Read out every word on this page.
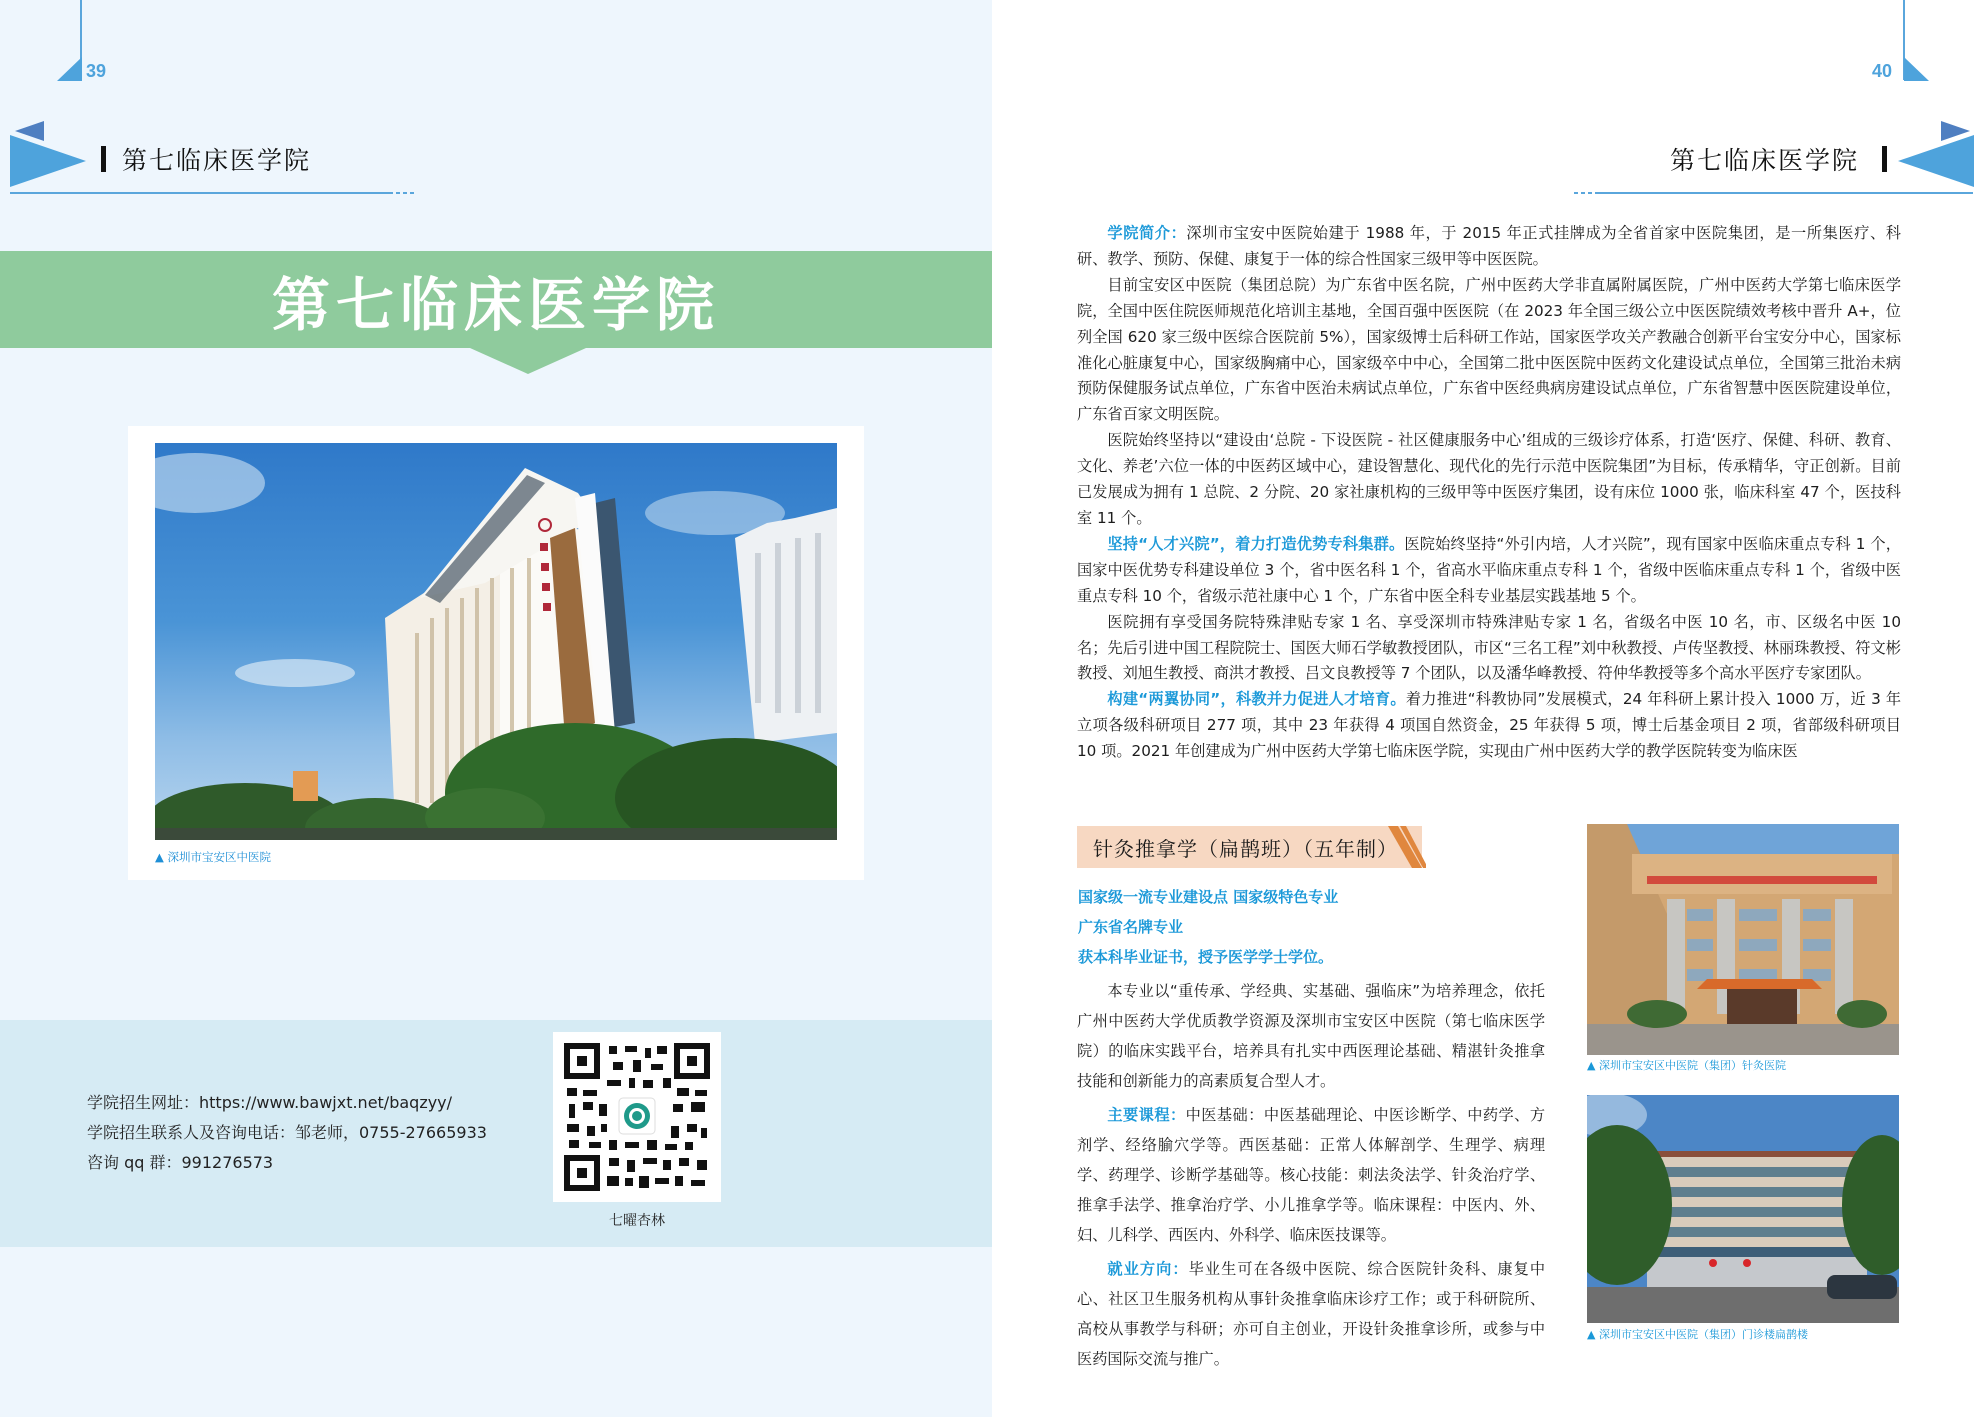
39
第七临床医学院
第七临床医学院
▲ 深圳市宝安区中医院
学院招生网址：https://www.bawjxt.net/baqzyy/
学院招生联系人及咨询电话：邹老师，0755-27665933
咨询 qq 群：991276573
七曜杏林
40
第七临床医学院

学院简介：深圳市宝安中医院始建于 1988 年，于 2015 年正式挂牌成为全省首家中医院集团，是一所集医疗、科研、教学、预防、保健、康复于一体的综合性国家三级甲等中医医院。

目前宝安区中医院（集团总院）为广东省中医名院，广州中医药大学非直属附属医院，广州中医药大学第七临床医学院，全国中医住院医师规范化培训主基地，全国百强中医医院（在 2023 年全国三级公立中医医院绩效考核中晋升 A+，位列全国 620 家三级中医综合医院前 5%），国家级博士后科研工作站，国家医学攻关产教融合创新平台宝安分中心，国家标准化心脏康复中心，国家级胸痛中心，国家级卒中中心，全国第二批中医医院中医药文化建设试点单位，全国第三批治未病预防保健服务试点单位，广东省中医治未病试点单位，广东省中医经典病房建设试点单位，广东省智慧中医医院建设单位，广东省百家文明医院。

医院始终坚持以“建设由‘总院 - 下设医院 - 社区健康服务中心’组成的三级诊疗体系，打造‘医疗、保健、科研、教育、文化、养老’六位一体的中医药区域中心，建设智慧化、现代化的先行示范中医院集团”为目标，传承精华，守正创新。目前已发展成为拥有 1 总院、2 分院、20 家社康机构的三级甲等中医医疗集团，设有床位 1000 张，临床科室 47 个，医技科室 11 个。

坚持“人才兴院”，着力打造优势专科集群。医院始终坚持“外引内培，人才兴院”，现有国家中医临床重点专科 1 个，国家中医优势专科建设单位 3 个，省中医名科 1 个，省高水平临床重点专科 1 个，省级中医临床重点专科 1 个，省级中医重点专科 10 个，省级示范社康中心 1 个，广东省中医全科专业基层实践基地 5 个。

医院拥有享受国务院特殊津贴专家 1 名、享受深圳市特殊津贴专家 1 名，省级名中医 10 名，市、区级名中医 10 名；先后引进中国工程院院士、国医大师石学敏教授团队，市区“三名工程”刘中秋教授、卢传坚教授、林丽珠教授、符文彬教授、刘旭生教授、商洪才教授、吕文良教授等 7 个团队，以及潘华峰教授、符仲华教授等多个高水平医疗专家团队。

构建“两翼协同”，科教并力促进人才培育。着力推进“科教协同”发展模式，24 年科研上累计投入 1000 万，近 3 年立项各级科研项目 277 项，其中 23 年获得 4 项国自然资金，25 年获得 5 项，博士后基金项目 2 项，省部级科研项目 10 项。2021 年创建成为广州中医药大学第七临床医学院，实现由广州中医药大学的教学医院转变为临床医

针灸推拿学（扁鹊班）（五年制）
国家级一流专业建设点 国家级特色专业
广东省名牌专业
获本科毕业证书，授予医学学士学位。

本专业以“重传承、学经典、实基础、强临床”为培养理念，依托广州中医药大学优质教学资源及深圳市宝安区中医院（第七临床医学院）的临床实践平台，培养具有扎实中西医理论基础、精湛针灸推拿技能和创新能力的高素质复合型人才。

主要课程：中医基础：中医基础理论、中医诊断学、中药学、方剂学、经络腧穴学等。西医基础：正常人体解剖学、生理学、病理学、药理学、诊断学基础等。核心技能：刺法灸法学、针灸治疗学、推拿手法学、推拿治疗学、小儿推拿学等。临床课程：中医内、外、妇、儿科学、西医内、外科学、临床医技课等。

就业方向：毕业生可在各级中医院、综合医院针灸科、康复中心、社区卫生服务机构从事针灸推拿临床诊疗工作；或于科研院所、高校从事教学与科研；亦可自主创业，开设针灸推拿诊所，或参与中医药国际交流与推广。

▲ 深圳市宝安区中医院（集团）针灸医院
▲ 深圳市宝安区中医院（集团）门诊楼扁鹊楼
